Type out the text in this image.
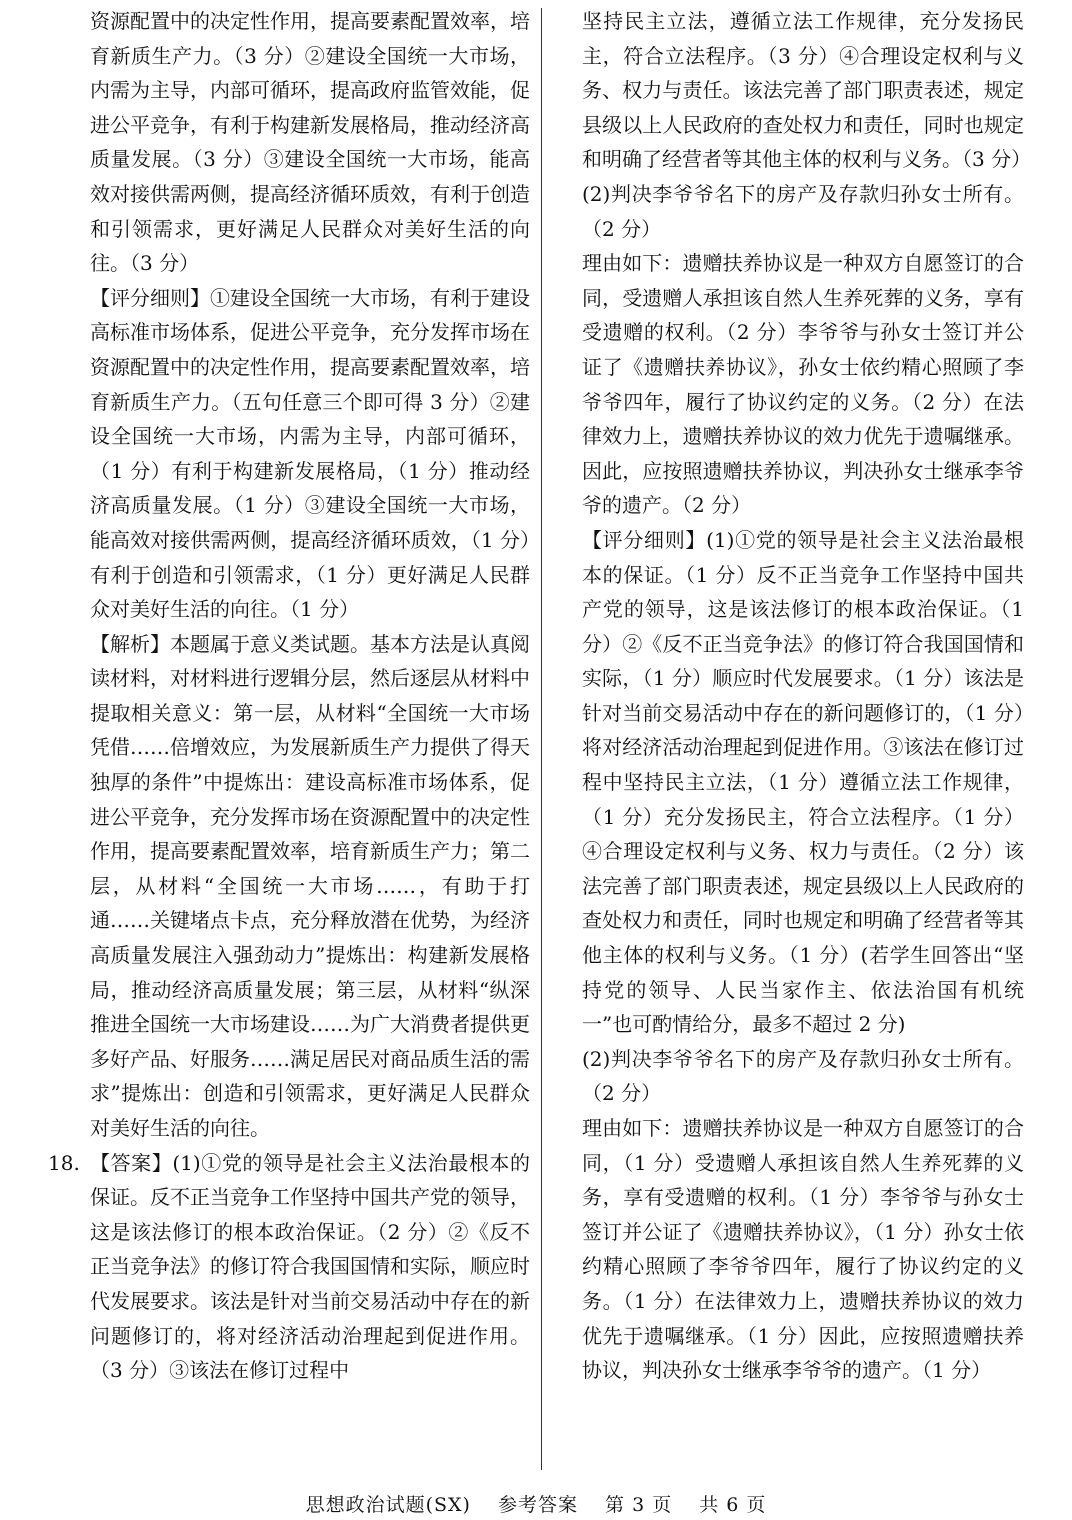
资源配置中的决定性作用，提高要素配置效率，培育新质生产力。（3 分）②建设全国统一大市场，内需为主导，内部可循环，提高政府监管效能，促进公平竞争，有利于构建新发展格局，推动经济高质量发展。（3 分）③建设全国统一大市场，能高效对接供需两侧，提高经济循环质效，有利于创造和引领需求，更好满足人民群众对美好生活的向往。（3 分）

【评分细则】①建设全国统一大市场，有利于建设高标准市场体系，促进公平竞争，充分发挥市场在资源配置中的决定性作用，提高要素配置效率，培育新质生产力。（五句任意三个即可得 3 分）②建设全国统一大市场，内需为主导，内部可循环，（1 分）有利于构建新发展格局，（1 分）推动经济高质量发展。（1 分）③建设全国统一大市场，能高效对接供需两侧，提高经济循环质效，（1 分）有利于创造和引领需求，（1 分）更好满足人民群众对美好生活的向往。（1 分）

【解析】本题属于意义类试题。基本方法是认真阅读材料，对材料进行逻辑分层，然后逐层从材料中提取相关意义：第一层，从材料“全国统一大市场凭借……倍增效应，为发展新质生产力提供了得天独厚的条件”中提炼出：建设高标准市场体系，促进公平竞争，充分发挥市场在资源配置中的决定性作用，提高要素配置效率，培育新质生产力；第二层，从材料“全国统一大市场……，有助于打通……关键堵点卡点，充分释放潜在优势，为经济高质量发展注入强劲动力”提炼出：构建新发展格局，推动经济高质量发展；第三层，从材料“纵深推进全国统一大市场建设……为广大消费者提供更多好产品、好服务……满足居民对商品质生活的需求”提炼出：创造和引领需求，更好满足人民群众对美好生活的向往。

18. 【答案】(1)①党的领导是社会主义法治最根本的保证。反不正当竞争工作坚持中国共产党的领导，这是该法修订的根本政治保证。（2 分）②《反不正当竞争法》的修订符合我国国情和实际，顺应时代发展要求。该法是针对当前交易活动中存在的新问题修订的，将对经济活动治理起到促进作用。（3 分）③该法在修订过程中

坚持民主立法，遵循立法工作规律，充分发扬民主，符合立法程序。（3 分）④合理设定权利与义务、权力与责任。该法完善了部门职责表述，规定县级以上人民政府的查处权力和责任，同时也规定和明确了经营者等其他主体的权利与义务。（3 分）

(2)判决李爷爷名下的房产及存款归孙女士所有。（2 分）

理由如下：遗赠扶养协议是一种双方自愿签订的合同，受遗赠人承担该自然人生养死葬的义务，享有受遗赠的权利。（2 分）李爷爷与孙女士签订并公证了《遗赠扶养协议》，孙女士依约精心照顾了李爷爷四年，履行了协议约定的义务。（2 分）在法律效力上，遗赠扶养协议的效力优先于遗嘱继承。因此，应按照遗赠扶养协议，判决孙女士继承李爷爷的遗产。（2 分）

【评分细则】(1)①党的领导是社会主义法治最根本的保证。（1 分）反不正当竞争工作坚持中国共产党的领导，这是该法修订的根本政治保证。（1 分）②《反不正当竞争法》的修订符合我国国情和实际，（1 分）顺应时代发展要求。（1 分）该法是针对当前交易活动中存在的新问题修订的，（1 分）将对经济活动治理起到促进作用。③该法在修订过程中坚持民主立法，（1 分）遵循立法工作规律，（1 分）充分发扬民主，符合立法程序。（1 分）④合理设定权利与义务、权力与责任。（2 分）该法完善了部门职责表述，规定县级以上人民政府的查处权力和责任，同时也规定和明确了经营者等其他主体的权利与义务。（1 分）(若学生回答出“坚持党的领导、人民当家作主、依法治国有机统一”也可酌情给分，最多不超过 2 分)

(2)判决李爷爷名下的房产及存款归孙女士所有。（2 分）

理由如下：遗赠扶养协议是一种双方自愿签订的合同，（1 分）受遗赠人承担该自然人生养死葬的义务，享有受遗赠的权利。（1 分）李爷爷与孙女士签订并公证了《遗赠扶养协议》，（1 分）孙女士依约精心照顾了李爷爷四年，履行了协议约定的义务。（1 分）在法律效力上，遗赠扶养协议的效力优先于遗嘱继承。（1 分）因此，应按照遗赠扶养协议，判决孙女士继承李爷爷的遗产。（1 分）

思想政治试题(SX) 参考答案 第 3 页 共 6 页
